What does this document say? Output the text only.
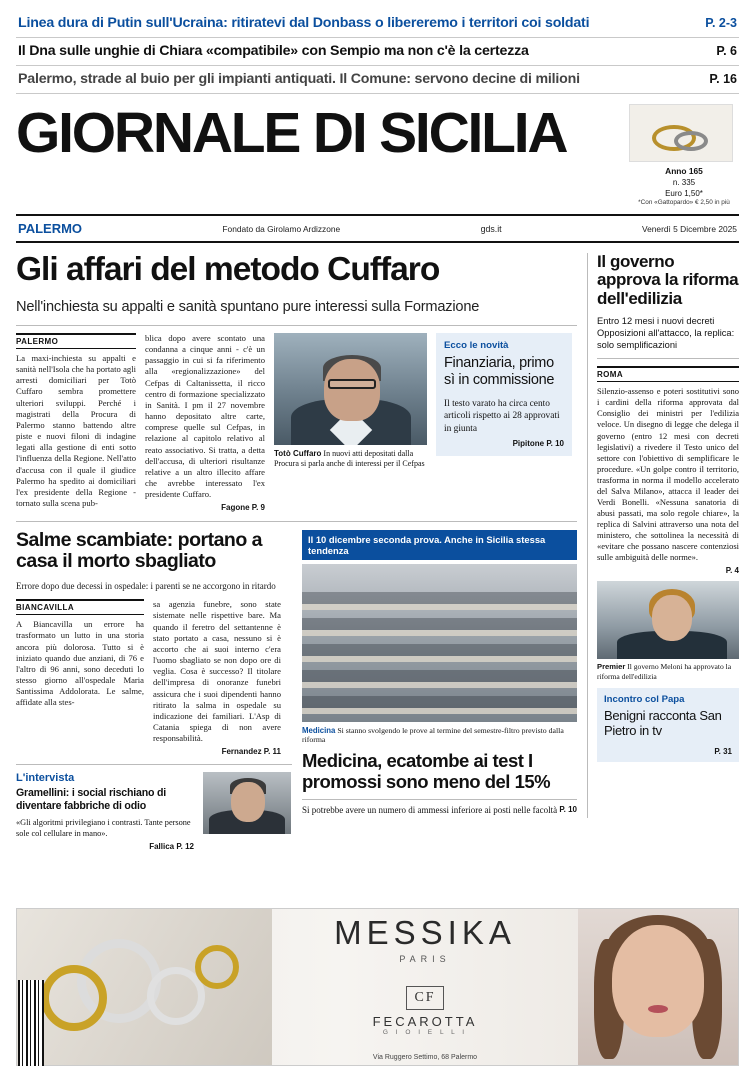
Linea dura di Putin sull'Ucraina: ritiratevi dal Donbass o libereremo i territori coi soldati	P. 2-3
Il Dna sulle unghie di Chiara «compatibile» con Sempio ma non c'è la certezza	P. 6
Palermo, strade al buio per gli impianti antiquati. Il Comune: servono decine di milioni	P. 16
GIORNALE DI SICILIA
Anno 165
n. 335
Euro 1,50*
*Con «Gattopardo» € 2,50 in più
PALERMO	Fondato da Girolamo Ardizzone	gds.it	Venerdì 5 Dicembre 2025
Gli affari del metodo Cuffaro
Nell'inchiesta su appalti e sanità spuntano pure interessi sulla Formazione
PALERMO
La maxi-inchiesta su appalti e sanità nell'Isola che ha portato agli arresti domiciliari per Totò Cuffaro sembra promettere ulteriori sviluppi. Perché i magistrati della Procura di Palermo stanno battendo altre piste e nuovi filoni di indagine legati alla gestione di enti sotto l'influenza della Regione. Nell'atto d'accusa con il quale il giudice Palermo ha spedito ai domiciliari l'ex presidente della Regione - tornato sulla scena pub-
blica dopo avere scontato una condanna a cinque anni - c'è un passaggio in cui si fa riferimento alla «regionalizzazione» del Cefpas di Caltanissetta, il ricco centro di formazione specializzato in Sanità. I pm il 27 novembre hanno depositato altre carte, comprese quelle sul Cefpas, in relazione al capitolo relativo al reato associativo. Si tratta, a detta dell'accusa, di ulteriori risultanze relative a un altro illecito affare che avrebbe interessato l'ex presidente Cuffaro.
Fagone P. 9
Totò Cuffaro In nuovi atti depositati dalla Procura si parla anche di interessi per il Cefpas
Ecco le novità
Finanziaria, primo sì in commissione
Il testo varato ha circa cento articoli rispetto ai 28 approvati in giunta
Pipitone P. 10
Salme scambiate: portano a casa il morto sbagliato
Errore dopo due decessi in ospedale: i parenti se ne accorgono in ritardo
BIANCAVILLA
A Biancavilla un errore ha trasformato un lutto in una storia ancora più dolorosa. Tutto si è iniziato quando due anziani, di 76 e l'altro di 96 anni, sono deceduti lo stesso giorno all'ospedale Maria Santissima Addolorata. Le salme, affidate alla stes-
sa agenzia funebre, sono state sistemate nelle rispettive bare. Ma quando il feretro del settantenne è stato portato a casa, nessuno si è accorto che ai suoi interno c'era l'uomo sbagliato se non dopo ore di veglia. Cosa è successo? Il titolare dell'impresa di onoranze funebri assicura che i suoi dipendenti hanno ritirato la salma in ospedale su indicazione dei familiari. L'Asp di Catania spiega di non avere responsabilità.
Fernandez P. 11
L'intervista
Gramellini: i social rischiano di diventare fabbriche di odio
«Gli algoritmi privilegiano i contrasti. Tante persone sole col cellulare in mano».
Fallica P. 12
Il 10 dicembre seconda prova. Anche in Sicilia stessa tendenza
Medicina Si stanno svolgendo le prove al termine del semestre-filtro previsto dalla riforma
Medicina, ecatombe ai test I promossi sono meno del 15%
P. 10
Si potrebbe avere un numero di ammessi inferiore ai posti nelle facoltà
Il governo approva la riforma dell'edilizia
Entro 12 mesi i nuovi decreti Opposizioni all'attacco, la replica: solo semplificazioni
ROMA
Silenzio-assenso e poteri sostitutivi sono i cardini della riforma approvata dal Consiglio dei ministri per l'edilizia veloce. Un disegno di legge che delega il governo (entro 12 mesi con decreti legislativi) a rivedere il Testo unico del settore con l'obiettivo di semplificare le procedure. «Un golpe contro il territorio, trasforma in norma il modello accelerato del Salva Milano», attacca il leader dei Verdi Bonelli. «Nessuna sanatoria di abusi passati, ma solo regole chiare», la replica di Salvini attraverso una nota del ministero, che sottolinea la necessità di «evitare che possano nascere contenziosi sulle ambiguità delle norme».
P. 4
Premier Il governo Meloni ha approvato la riforma dell'edilizia
Incontro col Papa
Benigni racconta San Pietro in tv
P. 31
MESSIKA
PARIS
CF
FECAROTTA
G I O I E L L I
Via Ruggero Settimo, 68 Palermo
